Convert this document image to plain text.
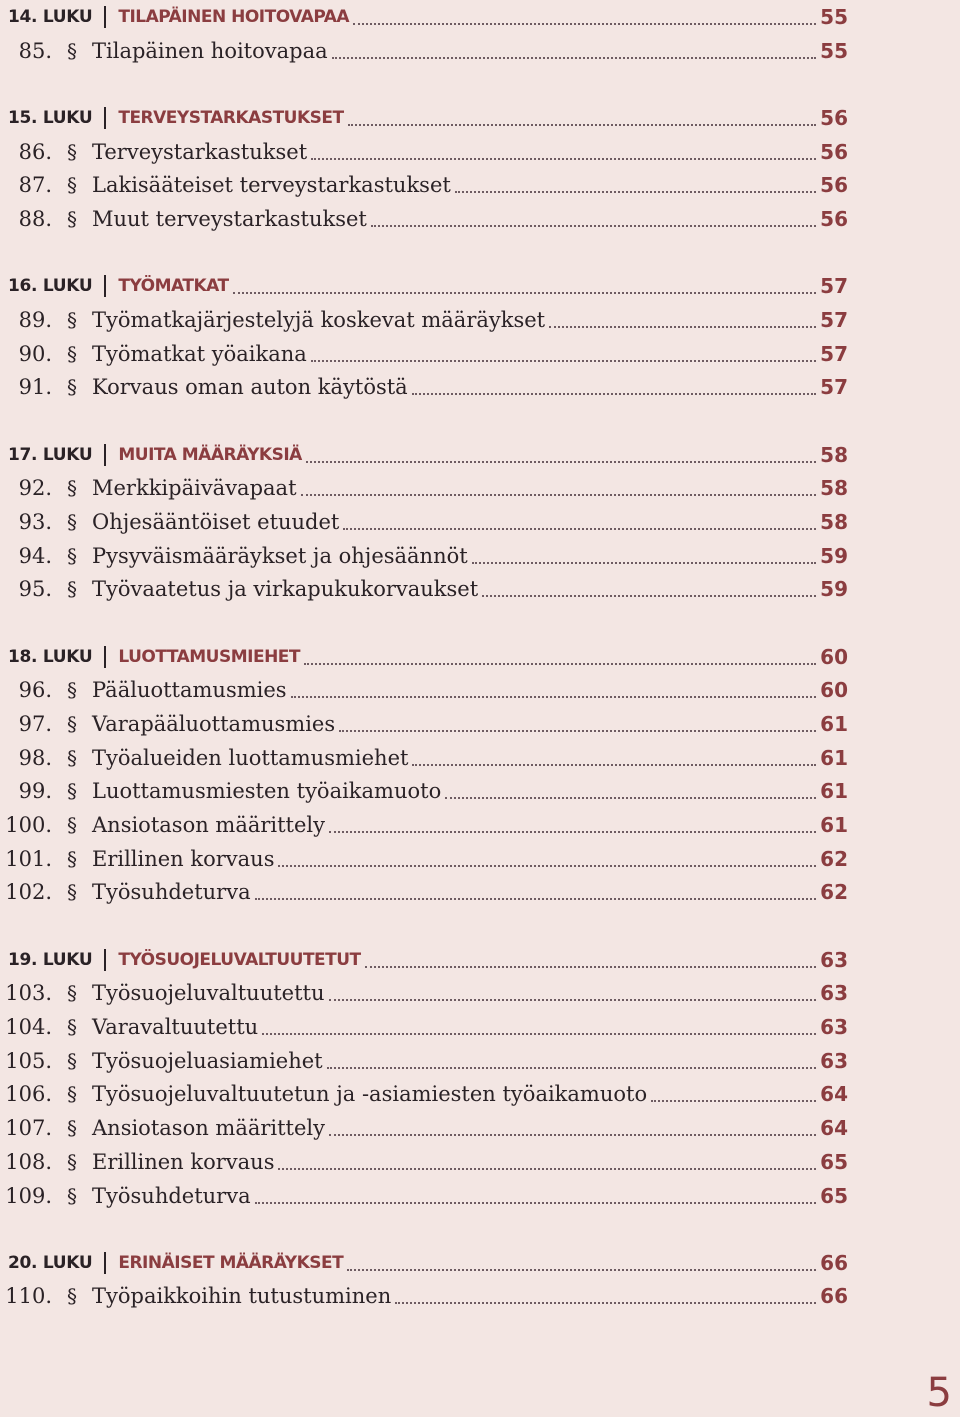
14. LUKU TILAPÄINEN HOITOVAPAA	55
85. § Tilapäinen hoitovapaa	55
15. LUKU TERVEYSTARKASTUKSET	56
86. § Terveystarkastukset	56
87. § Lakisääteiset terveystarkastukset	56
88. § Muut terveystarkastukset	56
16. LUKU TYÖMATKAT	57
89. § Työmatkajärjestelyjä koskevat määräykset	57
90. § Työmatkat yöaikana	57
91. § Korvaus oman auton käytöstä	57
17. LUKU MUITA MÄÄRÄYKSIÄ	58
92. § Merkkipäivävapaat	58
93. § Ohjesääntöiset etuudet	58
94. § Pysyväismääräykset ja ohjesäännöt	59
95. § Työvaatetus ja virkapukukorvaukset	59
18. LUKU LUOTTAMUSMIEHET	60
96. § Pääluottamusmies	60
97. § Varapääluottamusmies	61
98. § Työalueiden luottamusmiehet	61
99. § Luottamusmiesten työaikamuoto	61
100. § Ansiotason määrittely	61
101. § Erillinen korvaus	62
102. § Työsuhdeturva	62
19. LUKU TYÖSUOJELUVALTUUTETUT	63
103. § Työsuojeluvaltuutettu	63
104. § Varavaltuutettu	63
105. § Työsuojeluasiamiehet	63
106. § Työsuojeluvaltuutetun ja -asiamiesten työaikamuoto	64
107. § Ansiotason määrittely	64
108. § Erillinen korvaus	65
109. § Työsuhdeturva	65
20. LUKU ERINÄISET MÄÄRÄYKSET	66
110. § Työpaikkoihin tutustuminen	66
5
